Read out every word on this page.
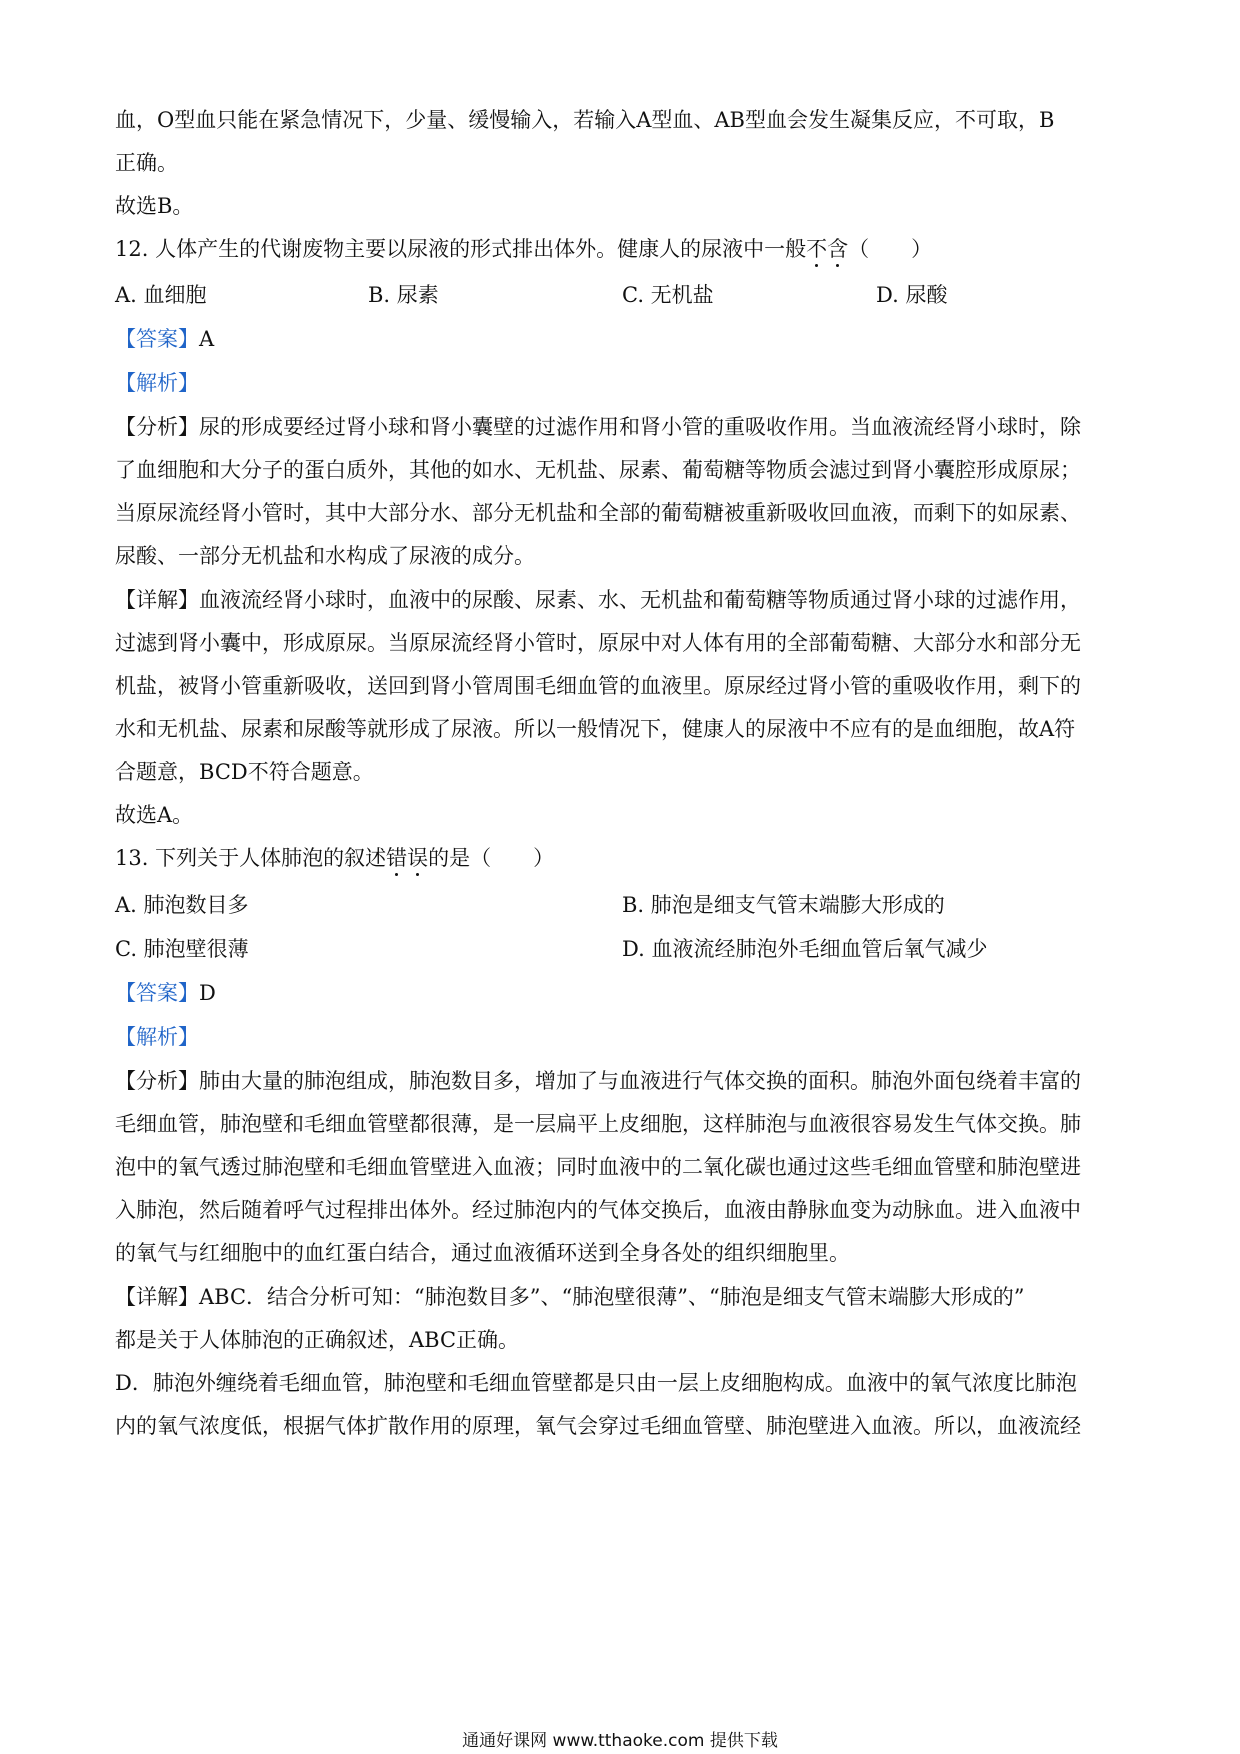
血，O型血只能在紧急情况下，少量、缓慢输入，若输入A型血、AB型血会发生凝集反应，不可取，B
正确。
故选B。
12. 人体产生的代谢废物主要以尿液的形式排出体外。健康人的尿液中一般不含（　　）
A. 血细胞	B. 尿素	C. 无机盐	D. 尿酸
【答案】A
【解析】
【分析】尿的形成要经过肾小球和肾小囊壁的过滤作用和肾小管的重吸收作用。当血液流经肾小球时，除
了血细胞和大分子的蛋白质外，其他的如水、无机盐、尿素、葡萄糖等物质会滤过到肾小囊腔形成原尿；
当原尿流经肾小管时，其中大部分水、部分无机盐和全部的葡萄糖被重新吸收回血液，而剩下的如尿素、
尿酸、一部分无机盐和水构成了尿液的成分。
【详解】血液流经肾小球时，血液中的尿酸、尿素、水、无机盐和葡萄糖等物质通过肾小球的过滤作用，
过滤到肾小囊中，形成原尿。当原尿流经肾小管时，原尿中对人体有用的全部葡萄糖、大部分水和部分无
机盐，被肾小管重新吸收，送回到肾小管周围毛细血管的血液里。原尿经过肾小管的重吸收作用，剩下的
水和无机盐、尿素和尿酸等就形成了尿液。所以一般情况下，健康人的尿液中不应有的是血细胞，故A符
合题意，BCD不符合题意。
故选A。
13. 下列关于人体肺泡的叙述错误的是（　　）
A. 肺泡数目多	B. 肺泡是细支气管末端膨大形成的
C. 肺泡壁很薄	D. 血液流经肺泡外毛细血管后氧气减少
【答案】D
【解析】
【分析】肺由大量的肺泡组成，肺泡数目多，增加了与血液进行气体交换的面积。肺泡外面包绕着丰富的
毛细血管，肺泡壁和毛细血管壁都很薄，是一层扁平上皮细胞，这样肺泡与血液很容易发生气体交换。肺
泡中的氧气透过肺泡壁和毛细血管壁进入血液；同时血液中的二氧化碳也通过这些毛细血管壁和肺泡壁进
入肺泡，然后随着呼气过程排出体外。经过肺泡内的气体交换后，血液由静脉血变为动脉血。进入血液中
的氧气与红细胞中的血红蛋白结合，通过血液循环送到全身各处的组织细胞里。
【详解】ABC．结合分析可知：“肺泡数目多”、“肺泡壁很薄”、“肺泡是细支气管末端膨大形成的”
都是关于人体肺泡的正确叙述，ABC正确。
D．肺泡外缠绕着毛细血管，肺泡壁和毛细血管壁都是只由一层上皮细胞构成。血液中的氧气浓度比肺泡
内的氧气浓度低，根据气体扩散作用的原理，氧气会穿过毛细血管壁、肺泡壁进入血液。所以，血液流经
通通好课网 www.tthaoke.com 提供下载
